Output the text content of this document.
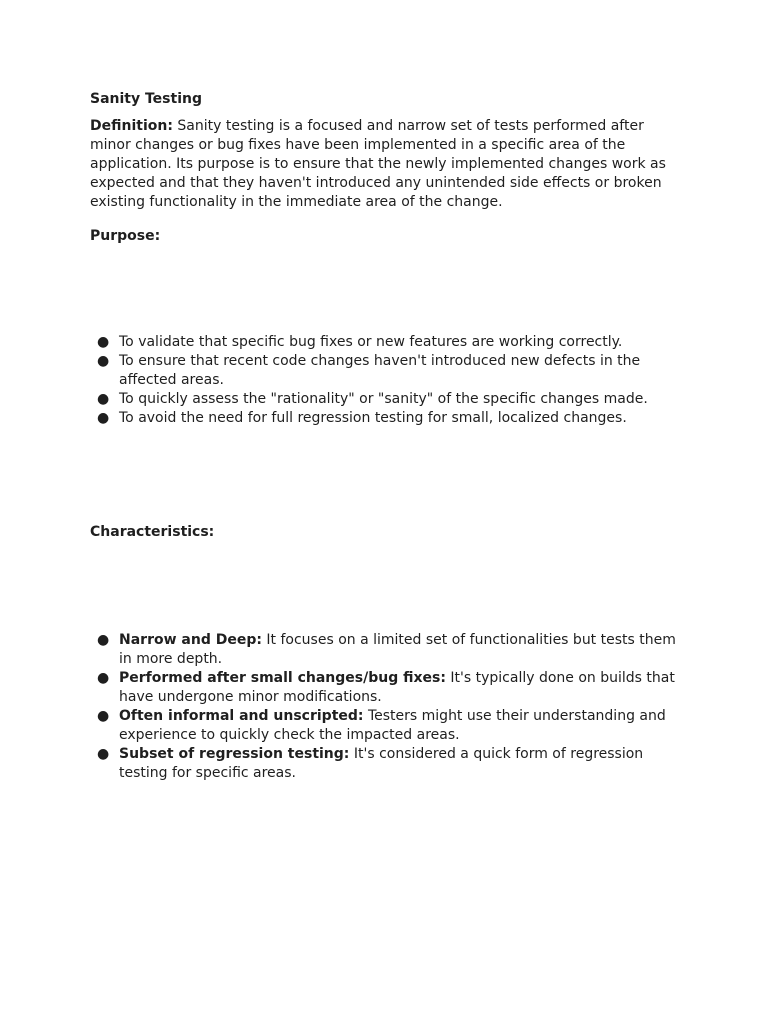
Sanity Testing

Definition: Sanity testing is a focused and narrow set of tests performed after minor changes or bug fixes have been implemented in a specific area of the application. Its purpose is to ensure that the newly implemented changes work as expected and that they haven't introduced any unintended side effects or broken existing functionality in the immediate area of the change.

Purpose:

● To validate that specific bug fixes or new features are working correctly.
● To ensure that recent code changes haven't introduced new defects in the affected areas.
● To quickly assess the "rationality" or "sanity" of the specific changes made.
● To avoid the need for full regression testing for small, localized changes.

Characteristics:

● Narrow and Deep: It focuses on a limited set of functionalities but tests them in more depth.
● Performed after small changes/bug fixes: It's typically done on builds that have undergone minor modifications.
● Often informal and unscripted: Testers might use their understanding and experience to quickly check the impacted areas.
● Subset of regression testing: It's considered a quick form of regression testing for specific areas.
